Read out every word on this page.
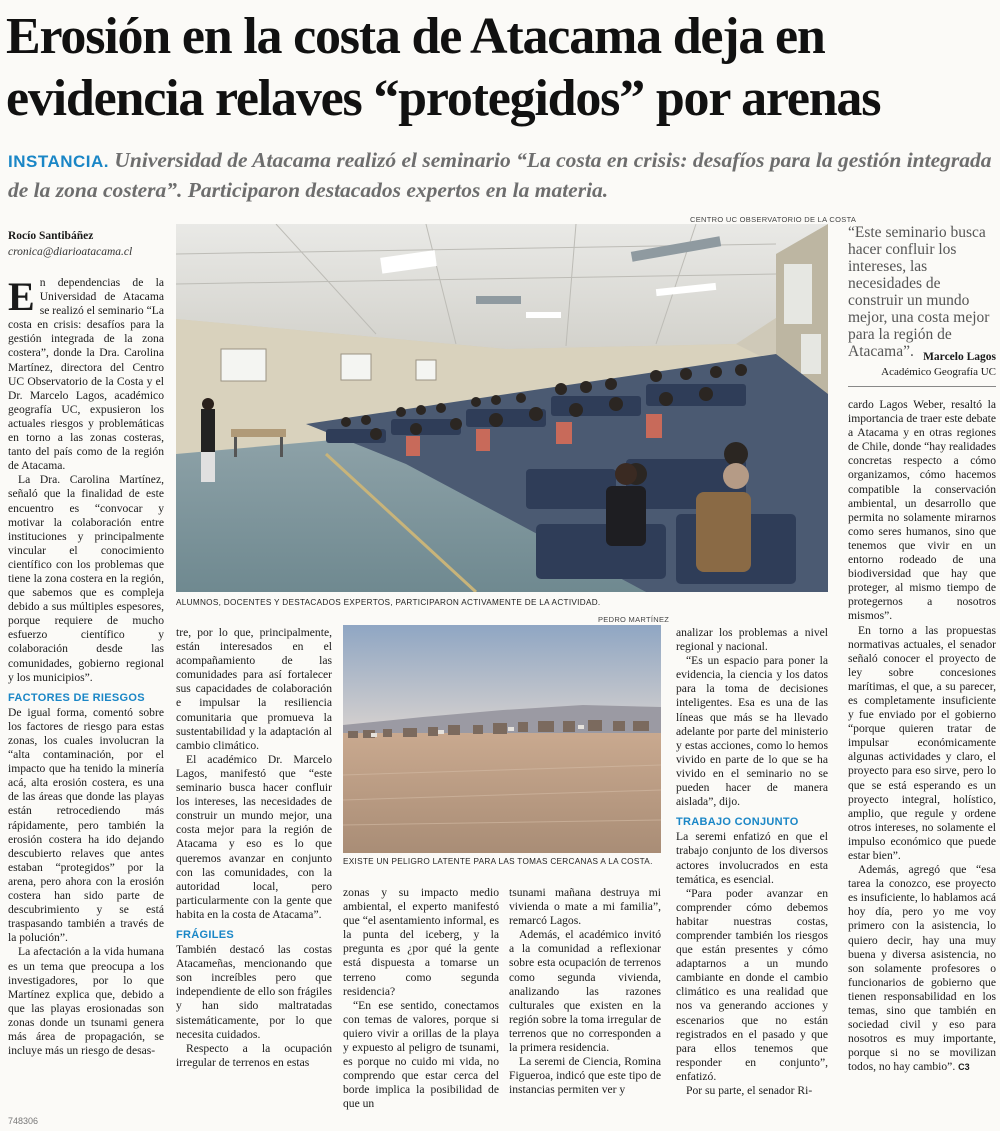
Erosión en la costa de Atacama deja en evidencia relaves “protegidos” por arenas
INSTANCIA. Universidad de Atacama realizó el seminario “La costa en crisis: desafíos para la gestión integrada de la zona costera”. Participaron destacados expertos en la materia.
Rocío Santibáñez
cronica@diarioatacama.cl
CENTRO UC OBSERVATORIO DE LA COSTA
ALUMNOS, DOCENTES Y DESTACADOS EXPERTOS, PARTICIPARON ACTIVAMENTE DE LA ACTIVIDAD.
PEDRO MARTÍNEZ
EXISTE UN PELIGRO LATENTE PARA LAS TOMAS CERCANAS A LA COSTA.
“Este seminario busca hacer confluir los intereses, las necesidades de construir un mundo mejor, una costa mejor para la región de Atacama”. Marcelo Lagos
Académico Geografía UC

En dependencias de la Universidad de Atacama se realizó el seminario “La costa en crisis: desafíos para la gestión integrada de la zona costera”, donde la Dra. Carolina Martínez, directora del Centro UC Observatorio de la Costa y el Dr. Marcelo Lagos, académico geografía UC, expusieron los actuales riesgos y problemáticas en torno a las zonas costeras, tanto del país como de la región de Atacama.

La Dra. Carolina Martínez, señaló que la finalidad de este encuentro es “convocar y motivar la colaboración entre instituciones y principalmente vincular el conocimiento científico con los problemas que tiene la zona costera en la región, que sabemos que es compleja debido a sus múltiples espesores, porque requiere de mucho esfuerzo científico y colaboración desde las comunidades, gobierno regional y los municipios”.

FACTORES DE RIESGOS

De igual forma, comentó sobre los factores de riesgo para estas zonas, los cuales involucran la “alta contaminación, por el impacto que ha tenido la minería acá, alta erosión costera, es una de las áreas que donde las playas están retrocediendo más rápidamente, pero también la erosión costera ha ido dejando descubierto relaves que antes estaban “protegidos” por la arena, pero ahora con la erosión costera han sido parte de descubrimiento y se está traspasando también a través de la polución”.

La afectación a la vida humana es un tema que preocupa a los investigadores, por lo que Martínez explica que, debido a que las playas erosionadas son zonas donde un tsunami genera más área de propagación, se incluye más un riesgo de desas-

tre, por lo que, principalmente, están interesados en el acompañamiento de las comunidades para así fortalecer sus capacidades de colaboración e impulsar la resiliencia comunitaria que promueva la sustentabilidad y la adaptación al cambio climático.

El académico Dr. Marcelo Lagos, manifestó que “este seminario busca hacer confluir los intereses, las necesidades de construir un mundo mejor, una costa mejor para la región de Atacama y eso es lo que queremos avanzar en conjunto con las comunidades, con la autoridad local, pero particularmente con la gente que habita en la costa de Atacama”.

FRÁGILES

También destacó las costas Atacameñas, mencionando que son increíbles pero que independiente de ello son frágiles y han sido maltratadas sistemáticamente, por lo que necesita cuidados.

Respecto a la ocupación irregular de terrenos en estas

zonas y su impacto medio ambiental, el experto manifestó que “el asentamiento informal, es la punta del iceberg, y la pregunta es ¿por qué la gente está dispuesta a tomarse un terreno como segunda residencia?

“En ese sentido, conectamos con temas de valores, porque si quiero vivir a orillas de la playa y expuesto al peligro de tsunami, es porque no cuido mi vida, no comprendo que estar cerca del borde implica la posibilidad de que un

tsunami mañana destruya mi vivienda o mate a mi familia”, remarcó Lagos.

Además, el académico invitó a la comunidad a reflexionar sobre esta ocupación de terrenos como segunda vivienda, analizando las razones culturales que existen en la región sobre la toma irregular de terrenos que no corresponden a la primera residencia.

La seremi de Ciencia, Romina Figueroa, indicó que este tipo de instancias permiten ver y

analizar los problemas a nivel regional y nacional.

“Es un espacio para poner la evidencia, la ciencia y los datos para la toma de decisiones inteligentes. Esa es una de las líneas que más se ha llevado adelante por parte del ministerio y estas acciones, como lo hemos vivido en parte de lo que se ha vivido en el seminario no se pueden hacer de manera aislada”, dijo.

TRABAJO CONJUNTO

La seremi enfatizó en que el trabajo conjunto de los diversos actores involucrados en esta temática, es esencial.

“Para poder avanzar en comprender cómo debemos habitar nuestras costas, comprender también los riesgos que están presentes y cómo adaptarnos a un mundo cambiante en donde el cambio climático es una realidad que nos va generando acciones y escenarios que no están registrados en el pasado y que para ellos tenemos que responder en conjunto”, enfatizó.

Por su parte, el senador Ri-

cardo Lagos Weber, resaltó la importancia de traer este debate a Atacama y en otras regiones de Chile, donde “hay realidades concretas respecto a cómo organizamos, cómo hacemos compatible la conservación ambiental, un desarrollo que permita no solamente mirarnos como seres humanos, sino que tenemos que vivir en un entorno rodeado de una biodiversidad que hay que proteger, al mismo tiempo de protegernos a nosotros mismos”.

En torno a las propuestas normativas actuales, el senador señaló conocer el proyecto de ley sobre concesiones marítimas, el que, a su parecer, es completamente insuficiente y fue enviado por el gobierno “porque quieren tratar de impulsar económicamente algunas actividades y claro, el proyecto para eso sirve, pero lo que se está esperando es un proyecto integral, holístico, amplio, que regule y ordene otros intereses, no solamente el impulso económico que puede estar bien”.

Además, agregó que “esa tarea la conozco, ese proyecto es insuficiente, lo hablamos acá hoy día, pero yo me voy primero con la asistencia, lo quiero decir, hay una muy buena y diversa asistencia, no son solamente profesores o funcionarios de gobierno que tienen responsabilidad en los temas, sino que también en sociedad civil y eso para nosotros es muy importante, porque si no se movilizan todos, no hay cambio”. C3

748306
